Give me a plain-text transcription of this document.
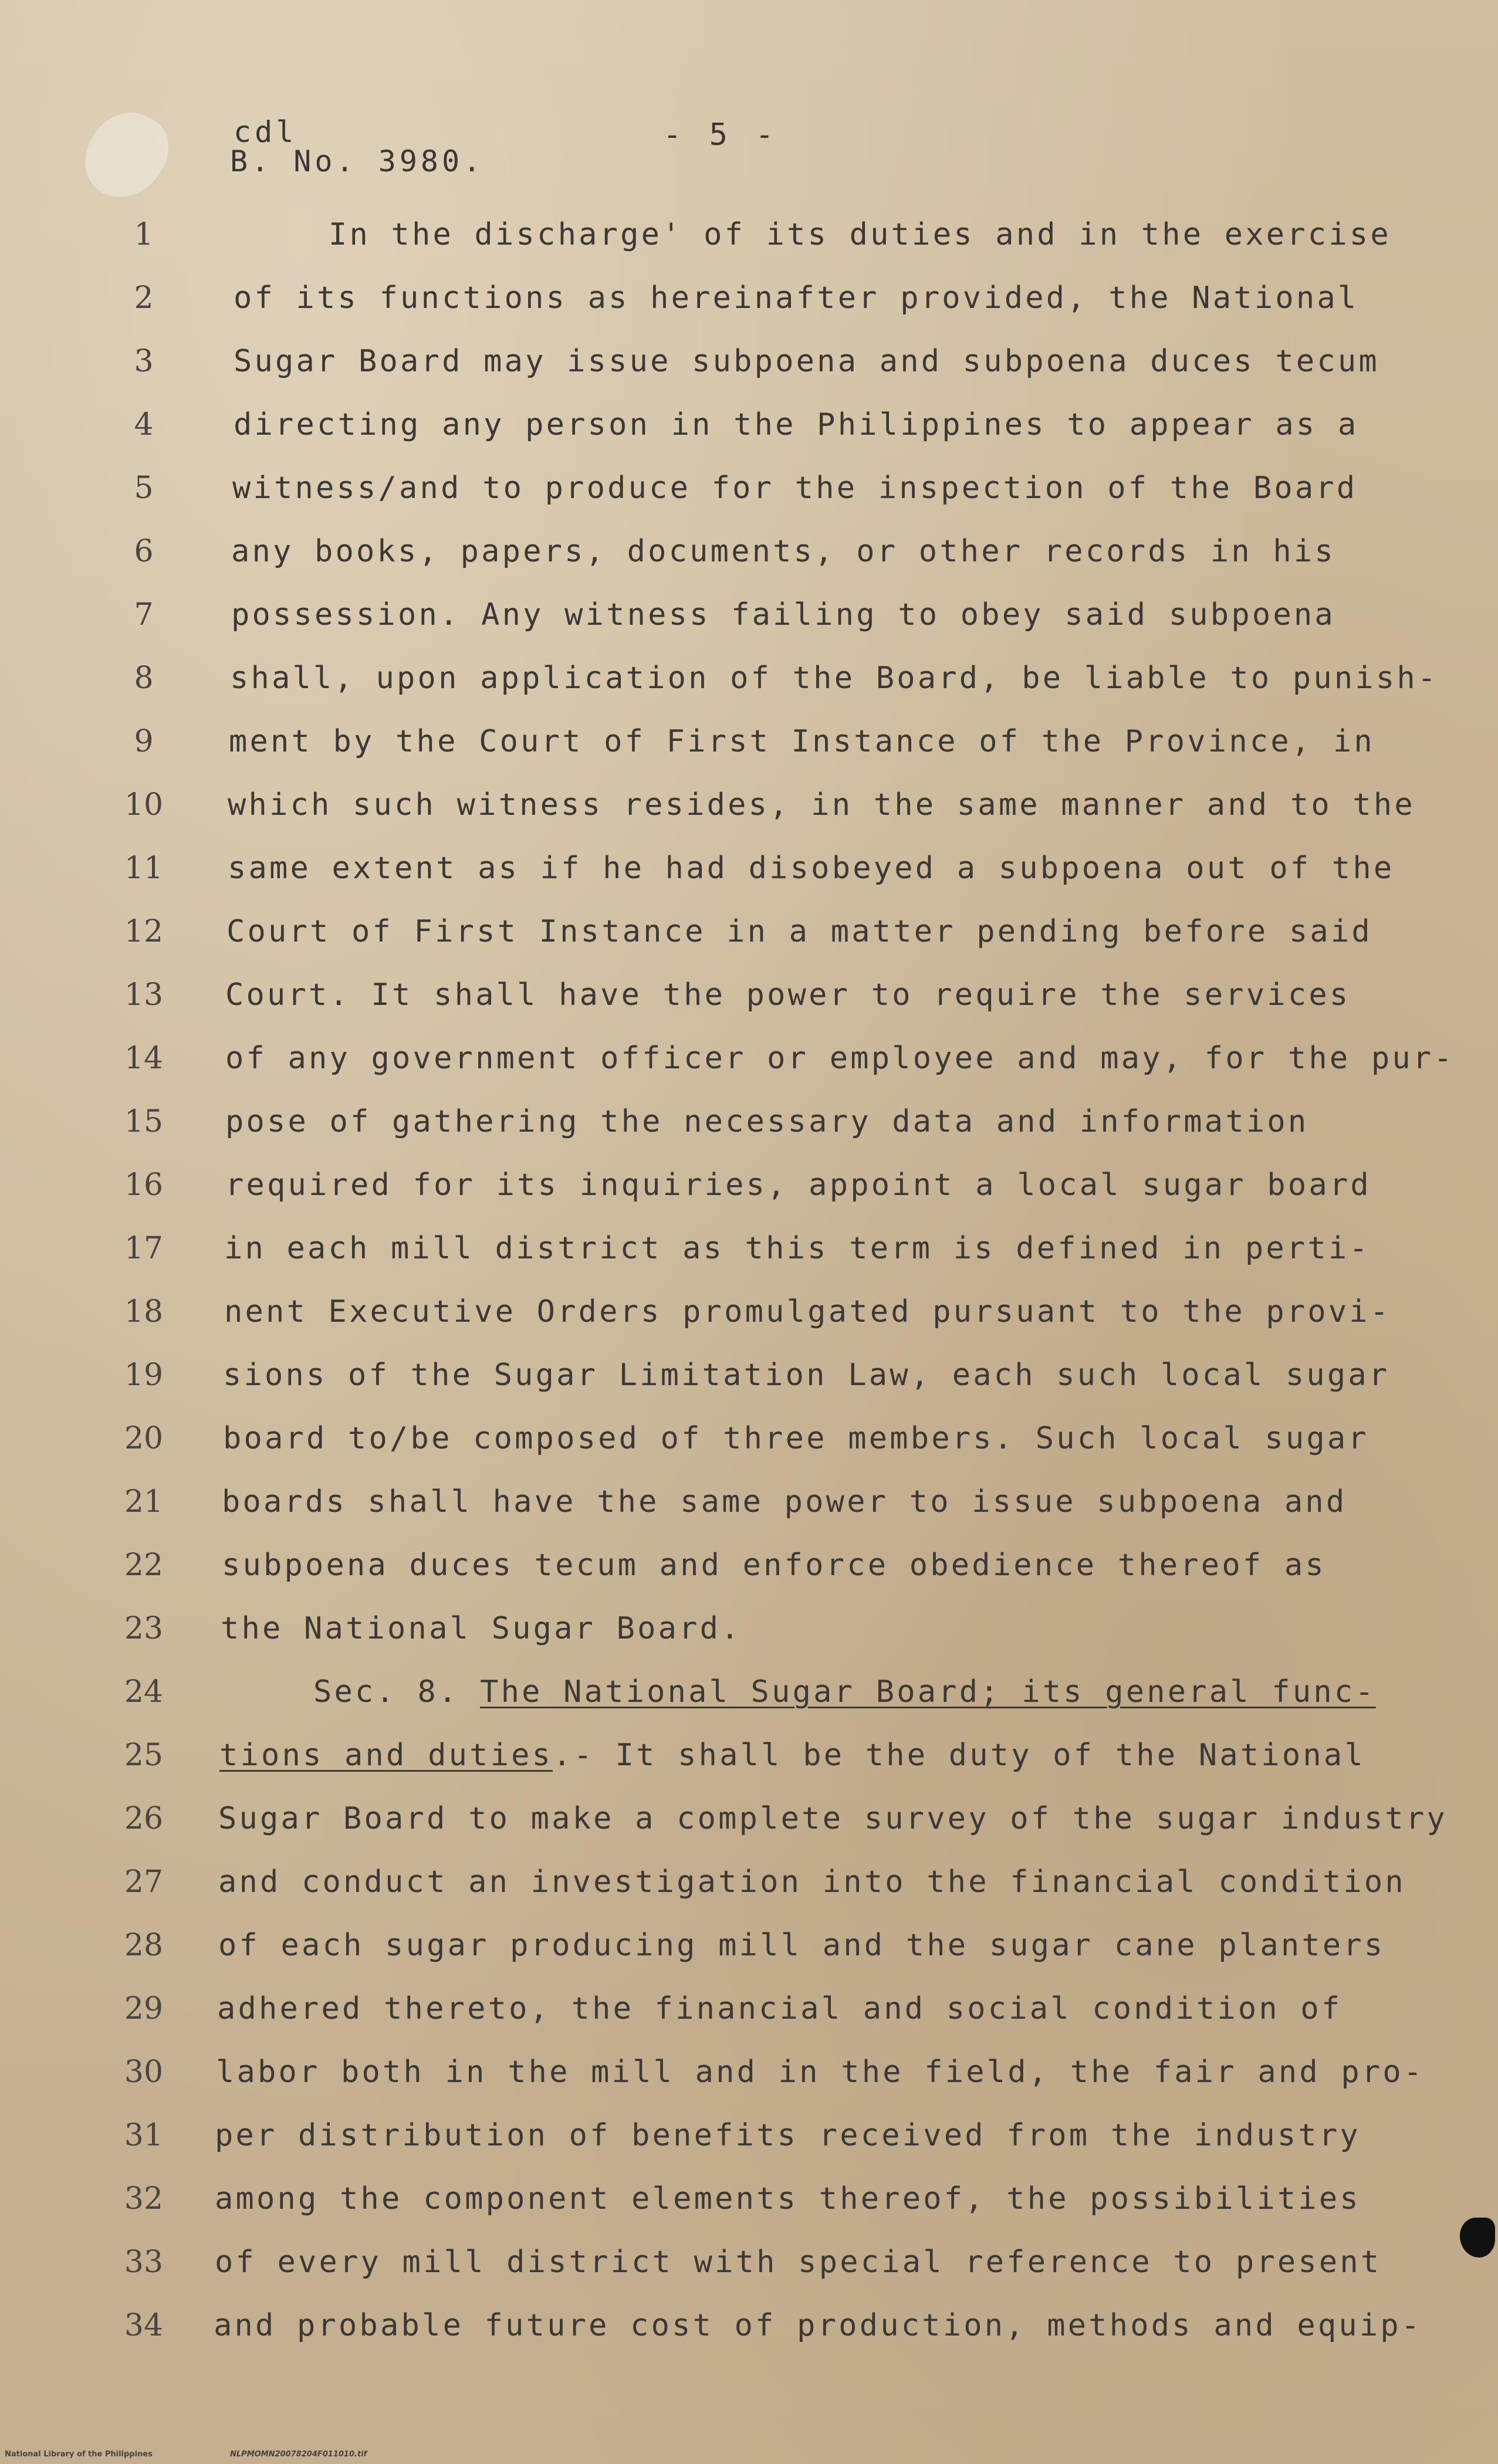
cdl
B. No. 3980.
- 5 -
1	In the discharge' of its duties and in the exercise
2	of its functions as hereinafter provided, the National
3	Sugar Board may issue subpoena and subpoena duces tecum
4	directing any person in the Philippines to appear as a
5	witness/and to produce for the inspection of the Board
6	any books, papers, documents, or other records in his
7	possession. Any witness failing to obey said subpoena
8	shall, upon application of the Board, be liable to punish-
9	ment by the Court of First Instance of the Province, in
10	which such witness resides, in the same manner and to the
11	same extent as if he had disobeyed a subpoena out of the
12	Court of First Instance in a matter pending before said
13	Court. It shall have the power to require the services
14	of any government officer or employee and may, for the pur-
15	pose of gathering the necessary data and information
16	required for its inquiries, appoint a local sugar board
17	in each mill district as this term is defined in perti-
18	nent Executive Orders promulgated pursuant to the provi-
19	sions of the Sugar Limitation Law, each such local sugar
20	board to/be composed of three members. Such local sugar
21	boards shall have the same power to issue subpoena and
22	subpoena duces tecum and enforce obedience thereof as
23	the National Sugar Board.
24	Sec. 8. The National Sugar Board; its general func-
25	tions and duties.- It shall be the duty of the National
26	Sugar Board to make a complete survey of the sugar industry
27	and conduct an investigation into the financial condition
28	of each sugar producing mill and the sugar cane planters
29	adhered thereto, the financial and social condition of
30	labor both in the mill and in the field, the fair and pro-
31	per distribution of benefits received from the industry
32	among the component elements thereof, the possibilities
33	of every mill district with special reference to present
34	and probable future cost of production, methods and equip-
National Library of the Philippines	NLPMOMN20078204F011010.tif
